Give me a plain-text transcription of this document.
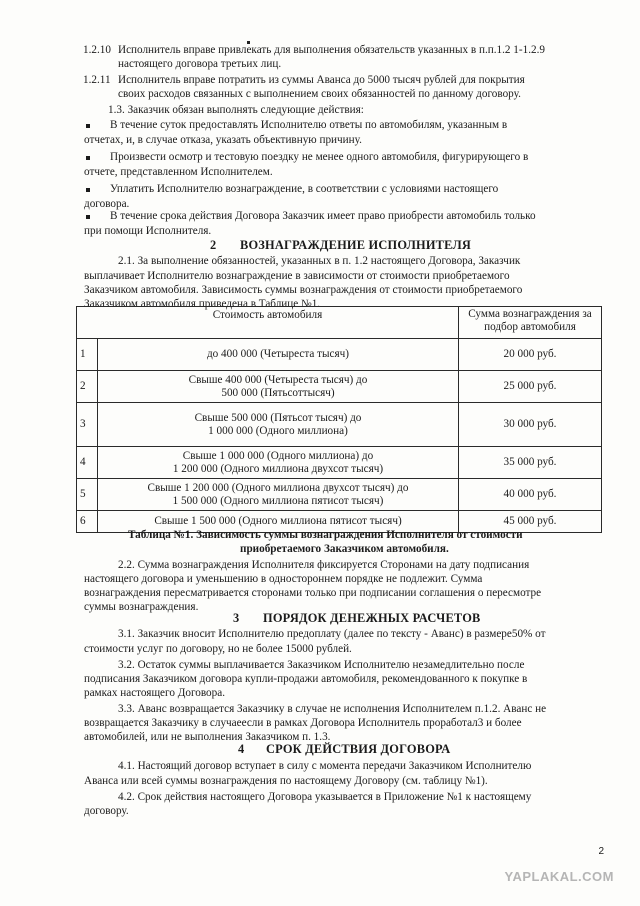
1.2.10 Исполнитель вправе привлекать для выполнения обязательств указанных в п.п.1.2 1-1.2.9
настоящего договора третьих лиц.
1.2.11 Исполнитель вправе потратить из суммы Аванса до 5000 тысяч рублей для покрытия
своих расходов связанных с выполнением своих обязанностей по данному договору.
1.3. Заказчик обязан выполнять следующие действия:
В течение суток предоставлять Исполнителю ответы по автомобилям, указанным в
отчетах, и, в случае отказа, указать объективную причину.
Произвести осмотр и тестовую поездку не менее одного автомобиля, фигурирующего в
отчете, представленном Исполнителем.
Уплатить Исполнителю вознаграждение, в соответствии с условиями настоящего
договора.
В течение срока действия Договора Заказчик имеет право приобрести автомобиль только
при помощи Исполнителя.
2 ВОЗНАГРАЖДЕНИЕ ИСПОЛНИТЕЛЯ
2.1. За выполнение обязанностей, указанных в п. 1.2 настоящего Договора, Заказчик
выплачивает Исполнителю вознаграждение в зависимости от стоимости приобретаемого
Заказчиком автомобиля. Зависимость суммы вознаграждения от стоимости приобретаемого
Заказчиком автомобиля приведена в Таблице №1.
Стоимость автомобиля		Сумма вознаграждения за
подбор автомобиля

1	до 400 000 (Четыреста тысяч)	20 000 руб.
2	Свыше 400 000 (Четыреста тысяч) до
500 000 (Пятьсоттысяч)	25 000 руб.
3	Свыше 500 000 (Пятьсот тысяч) до
1 000 000 (Одного миллиона)	30 000 руб.
4	Свыше 1 000 000 (Одного миллиона) до
1 200 000 (Одного миллиона двухсот тысяч)	35 000 руб.
5	Свыше 1 200 000 (Одного миллиона двухсот тысяч) до
1 500 000 (Одного миллиона пятисот тысяч)	40 000 руб.
6	Свыше 1 500 000 (Одного миллиона пятисот тысяч)	45 000 руб.
Таблица №1. Зависимость суммы вознаграждения Исполнителя от стоимости
приобретаемого Заказчиком автомобиля.
2.2. Сумма вознаграждения Исполнителя фиксируется Сторонами на дату подписания
настоящего договора и уменьшению в одностороннем порядке не подлежит. Сумма
вознаграждения пересматривается сторонами только при подписании соглашения о пересмотре
суммы вознаграждения.
3 ПОРЯДОК ДЕНЕЖНЫХ РАСЧЕТОВ
3.1. Заказчик вносит Исполнителю предоплату (далее по тексту - Аванс) в размере50% от
стоимости услуг по договору, но не более 15000 рублей.
3.2. Остаток суммы выплачивается Заказчиком Исполнителю незамедлительно после
подписания Заказчиком договора купли-продажи автомобиля, рекомендованного к покупке в
рамках настоящего Договора.
3.3. Аванс возвращается Заказчику в случае не исполнения Исполнителем п.1.2. Аванс не
возвращается Заказчику в случаеесли в рамках Договора Исполнитель проработал3 и более
автомобилей, или не выполнения Заказчиком п. 1.3.
4 СРОК ДЕЙСТВИЯ ДОГОВОРА
4.1. Настоящий договор вступает в силу с момента передачи Заказчиком Исполнителю
Аванса или всей суммы вознаграждения по настоящему Договору (см. таблицу №1).
4.2. Срок действия настоящего Договора указывается в Приложение №1 к настоящему
договору.
2
YAPLAKAL.COM
